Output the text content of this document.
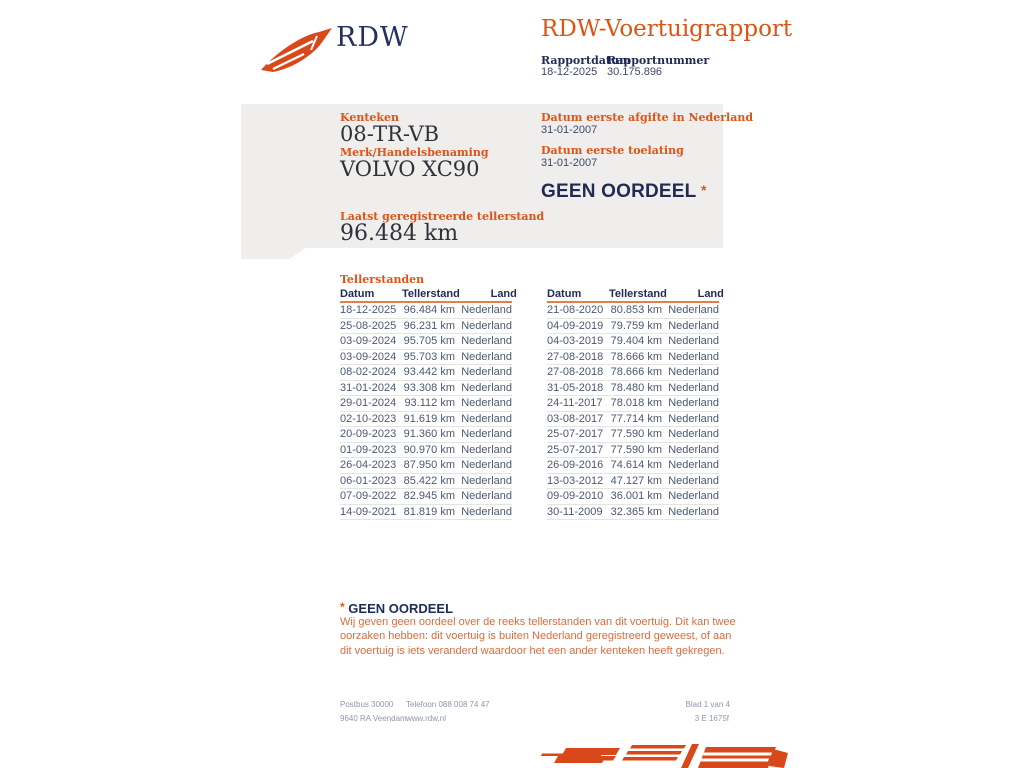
RDW	RDW-Voertuigrapport
Rapportdatum
Rapportnummer
18-12-2025 30.175.896
Kenteken
08-TR-VB
Merk/Handelsbenaming
VOLVO XC90
Laatst geregistreerde tellerstand
96.484 km
Datum eerste afgifte in Nederland
31-01-2007
Datum eerste toelating
31-01-2007
GEEN OORDEEL *
Tellerstanden
Datum	Tellerstand	Land
18-12-2025 96.484 km Nederland
25-08-2025 96.231 km Nederland
03-09-2024 95.705 km Nederland
03-09-2024 95.703 km Nederland
08-02-2024 93.442 km Nederland
31-01-2024 93.308 km Nederland
29-01-2024 93.112 km Nederland
02-10-2023 91.619 km Nederland
20-09-2023 91.360 km Nederland
01-09-2023 90.970 km Nederland
26-04-2023 87.950 km Nederland
06-01-2023 85.422 km Nederland
07-09-2022 82.945 km Nederland
14-09-2021 81.819 km Nederland
Datum	Tellerstand	Land
21-08-2020 80.853 km Nederland
04-09-2019 79.759 km Nederland
04-03-2019 79.404 km Nederland
27-08-2018 78.666 km Nederland
27-08-2018 78.666 km Nederland
31-05-2018 78.480 km Nederland
24-11-2017 78.018 km Nederland
03-08-2017 77.714 km Nederland
25-07-2017 77.590 km Nederland
25-07-2017 77.590 km Nederland
26-09-2016 74.614 km Nederland
13-03-2012 47.127 km Nederland
09-09-2010 36.001 km Nederland
30-11-2009 32.365 km Nederland
* GEEN OORDEEL
Wij geven geen oordeel over de reeks tellerstanden van dit voertuig. Dit kan twee oorzaken hebben: dit voertuig is buiten Nederland geregistreerd geweest, of aan dit voertuig is iets veranderd waardoor het een ander kenteken heeft gekregen.
Postbus 30000
9640 RA Veendam
Telefoon 088 008 74 47
www.rdw.nl
Blad 1 van 4
3 E 1675f
